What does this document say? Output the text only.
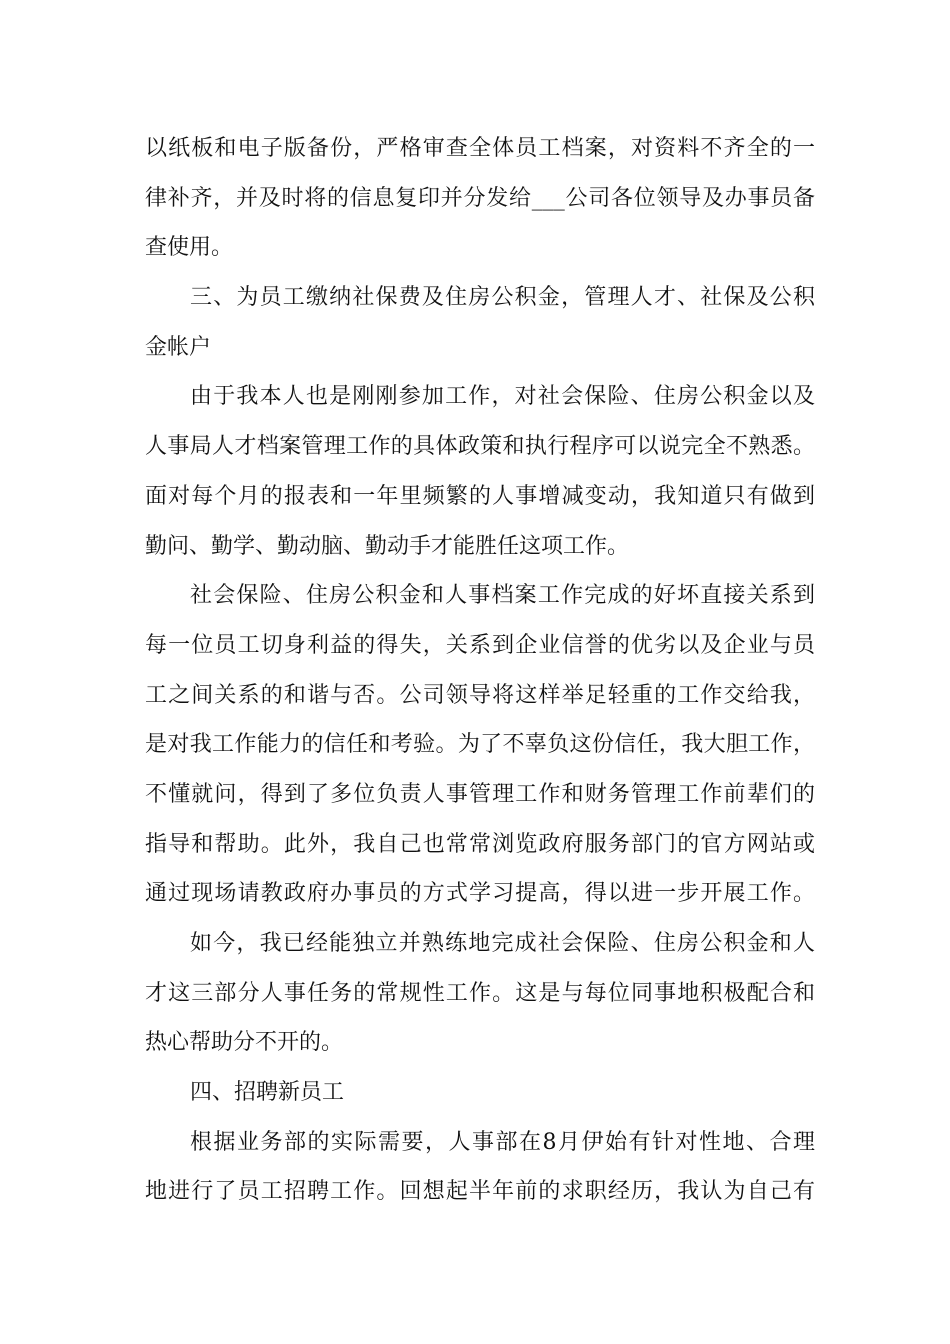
以纸板和电子版备份，严格审查全体员工档案，对资料不齐全的一
律补齐，并及时将的信息复印并分发给___公司各位领导及办事员备
查使用。
三、为员工缴纳社保费及住房公积金，管理人才、社保及公积
金帐户
由于我本人也是刚刚参加工作，对社会保险、住房公积金以及
人事局人才档案管理工作的具体政策和执行程序可以说完全不熟悉。
面对每个月的报表和一年里频繁的人事增减变动，我知道只有做到
勤问、勤学、勤动脑、勤动手才能胜任这项工作。
社会保险、住房公积金和人事档案工作完成的好坏直接关系到
每一位员工切身利益的得失，关系到企业信誉的优劣以及企业与员
工之间关系的和谐与否。公司领导将这样举足轻重的工作交给我，
是对我工作能力的信任和考验。为了不辜负这份信任，我大胆工作，
不懂就问，得到了多位负责人事管理工作和财务管理工作前辈们的
指导和帮助。此外，我自己也常常浏览政府服务部门的官方网站或
通过现场请教政府办事员的方式学习提高，得以进一步开展工作。
如今，我已经能独立并熟练地完成社会保险、住房公积金和人
才这三部分人事任务的常规性工作。这是与每位同事地积极配合和
热心帮助分不开的。
四、招聘新员工
根据业务部的实际需要，人事部在8月伊始有针对性地、合理
地进行了员工招聘工作。回想起半年前的求职经历，我认为自己有
